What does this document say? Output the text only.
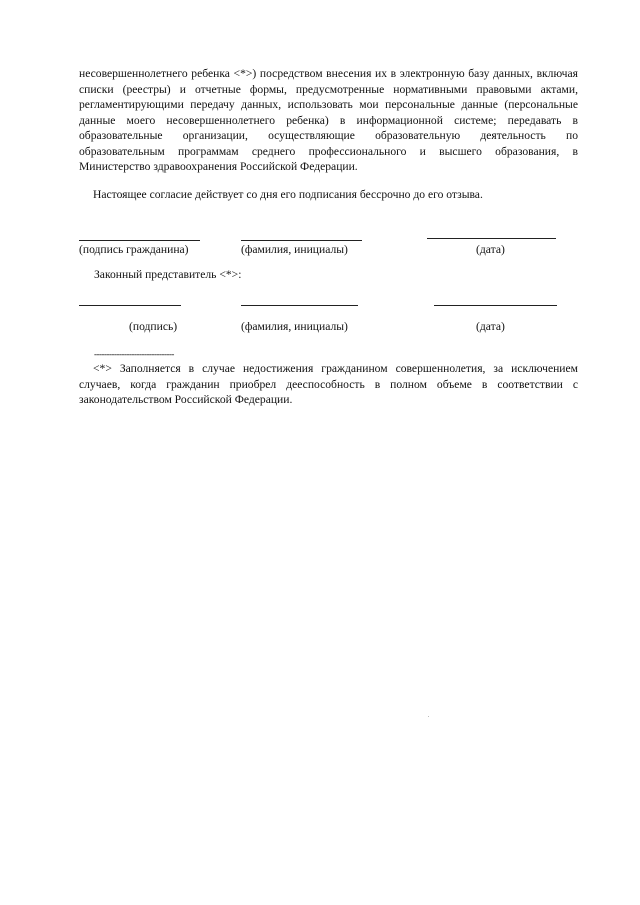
несовершеннолетнего ребенка <*>) посредством внесения их в электронную базу данных, включая списки (реестры) и отчетные формы, предусмотренные нормативными правовыми актами, регламентирующими передачу данных, использовать мои персональные данные (персональные данные моего несовершеннолетнего ребенка) в информационной системе; передавать в образовательные организации, осуществляющие образовательную деятельность по образовательным программам среднего профессионального и высшего образования, в Министерство здравоохранения Российской Федерации.

Настоящее согласие действует со дня его подписания бессрочно до его отзыва.

(подпись гражданина)	(фамилия, инициалы)	(дата)
Законный представитель <*>:
(подпись)	(фамилия, инициалы)	(дата)
--------------------------------

<*> Заполняется в случае недостижения гражданином совершеннолетия, за исключением случаев, когда гражданин приобрел дееспособность в полном объеме в соответствии с законодательством Российской Федерации.
